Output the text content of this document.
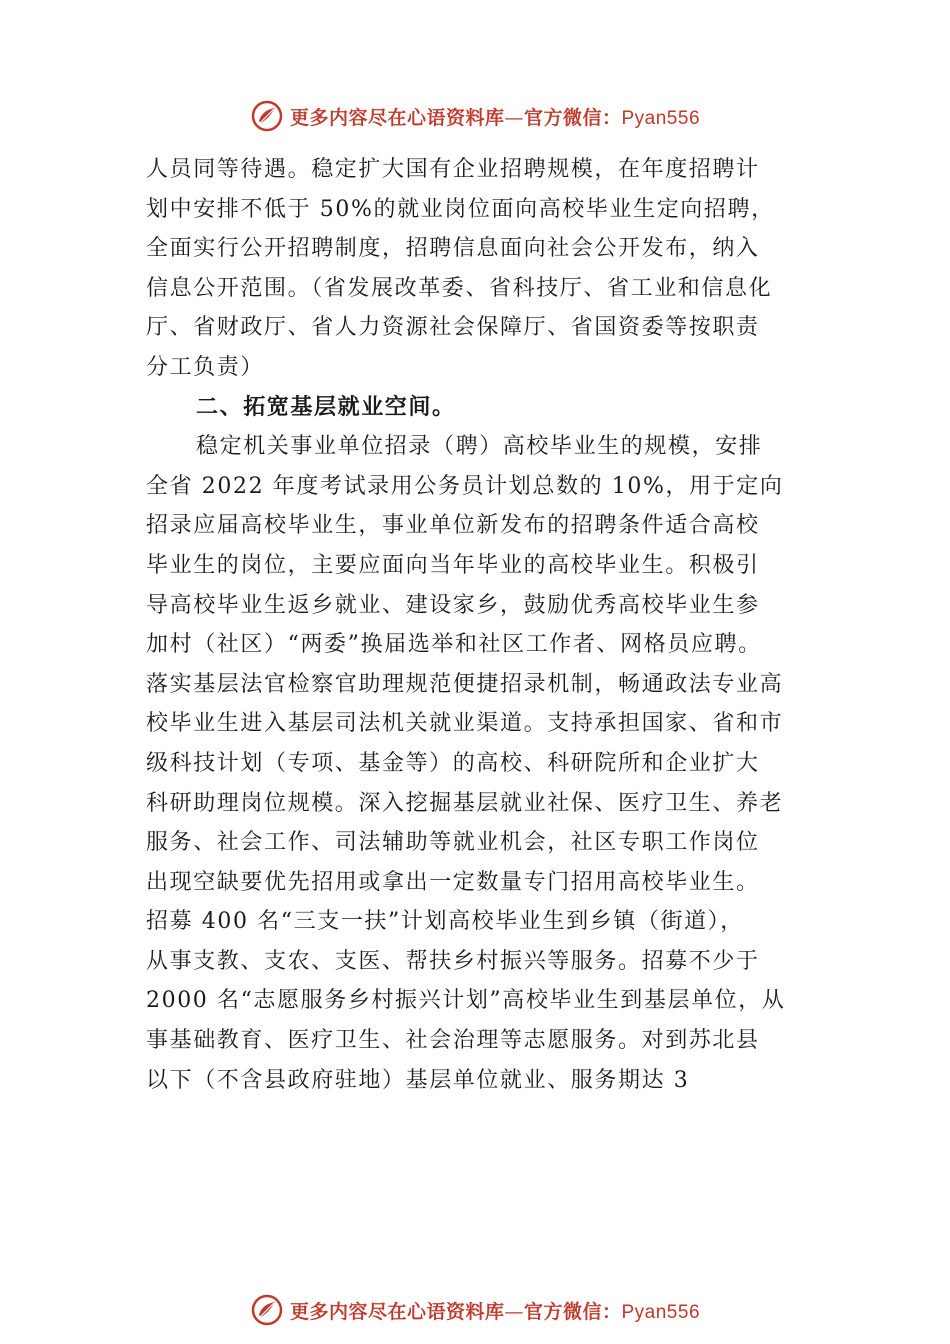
更多内容尽在心语资料库—官方微信：Pyan556
人员同等待遇。稳定扩大国有企业招聘规模，在年度招聘计
划中安排不低于 50%的就业岗位面向高校毕业生定向招聘，
全面实行公开招聘制度，招聘信息面向社会公开发布，纳入
信息公开范围。（省发展改革委、省科技厅、省工业和信息化
厅、省财政厅、省人力资源社会保障厅、省国资委等按职责
分工负责）
二、拓宽基层就业空间。
稳定机关事业单位招录（聘）高校毕业生的规模，安排
全省 2022 年度考试录用公务员计划总数的 10%，用于定向
招录应届高校毕业生，事业单位新发布的招聘条件适合高校
毕业生的岗位，主要应面向当年毕业的高校毕业生。积极引
导高校毕业生返乡就业、建设家乡，鼓励优秀高校毕业生参
加村（社区）“两委”换届选举和社区工作者、网格员应聘。
落实基层法官检察官助理规范便捷招录机制，畅通政法专业高
校毕业生进入基层司法机关就业渠道。支持承担国家、省和市
级科技计划（专项、基金等）的高校、科研院所和企业扩大
科研助理岗位规模。深入挖掘基层就业社保、医疗卫生、养老
服务、社会工作、司法辅助等就业机会，社区专职工作岗位
出现空缺要优先招用或拿出一定数量专门招用高校毕业生。
招募 400 名“三支一扶”计划高校毕业生到乡镇（街道），
从事支教、支农、支医、帮扶乡村振兴等服务。招募不少于
2000 名“志愿服务乡村振兴计划”高校毕业生到基层单位，从
事基础教育、医疗卫生、社会治理等志愿服务。对到苏北县
以下（不含县政府驻地）基层单位就业、服务期达 3
更多内容尽在心语资料库—官方微信：Pyan556
